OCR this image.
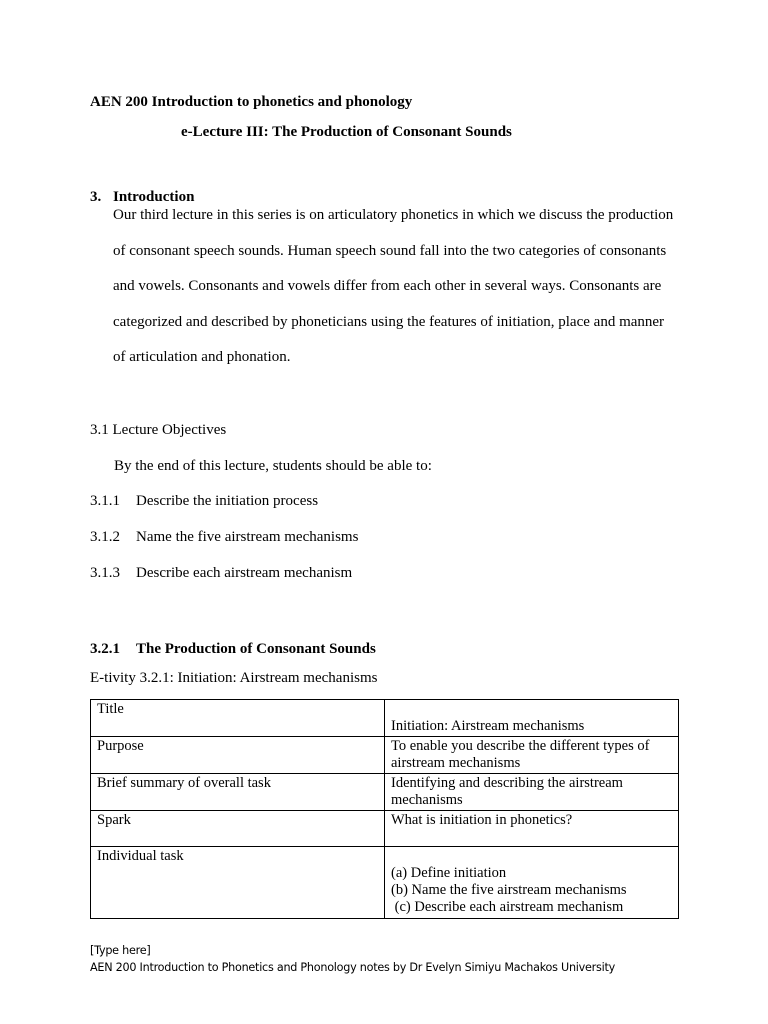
AEN 200 Introduction to phonetics and phonology
e-Lecture III: The Production of Consonant Sounds
3. Introduction
Our third lecture in this series is on articulatory phonetics in which we discuss the production
of consonant speech sounds. Human speech sound fall into the two categories of consonants
and vowels. Consonants and vowels differ from each other in several ways. Consonants are
categorized and described by phoneticians using the features of initiation, place and manner
of articulation and phonation.
3.1 Lecture Objectives
By the end of this lecture, students should be able to:
3.1.1 Describe the initiation process
3.1.2 Name the five airstream mechanisms
3.1.3 Describe each airstream mechanism
3.2.1 The Production of Consonant Sounds
E-tivity 3.2.1: Initiation: Airstream mechanisms
Title	Initiation: Airstream mechanisms

Purpose	To enable you describe the different types of
airstream mechanisms

Brief summary of overall task	Identifying and describing the airstream
mechanisms

Spark	What is initiation in phonetics?

Individual task	(a) Define initiation
(b) Name the five airstream mechanisms
(c) Describe each airstream mechanism
[Type here]
AEN 200 Introduction to Phonetics and Phonology notes by Dr Evelyn Simiyu Machakos University
